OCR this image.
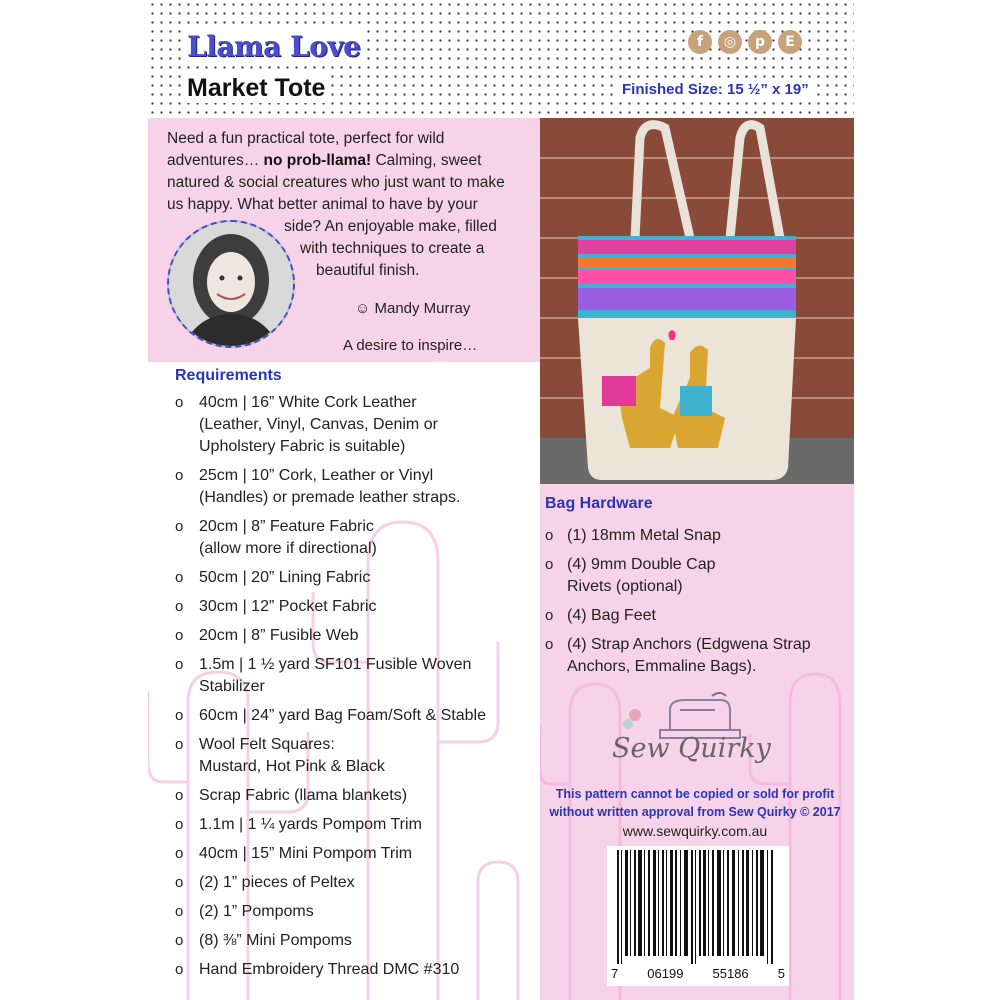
Llama Love
Market Tote
f	◎	p	E
Finished Size: 15 ½” x 19”
Need a fun practical tote, perfect for wild
adventures… no prob-llama! Calming, sweet
natured & social creatures who just want to make
us happy. What better animal to have by your
side? An enjoyable make, filled
with techniques to create a
beautiful finish.
☺ Mandy Murray
A desire to inspire…
Requirements
o 40cm | 16” White Cork Leather
(Leather, Vinyl, Canvas, Denim or
Upholstery Fabric is suitable)
o 25cm | 10” Cork, Leather or Vinyl
(Handles) or premade leather straps.
o 20cm | 8” Feature Fabric
(allow more if directional)
o 50cm | 20” Lining Fabric
o 30cm | 12” Pocket Fabric
o 20cm | 8” Fusible Web
o 1.5m | 1 ½ yard SF101 Fusible Woven
Stabilizer
o 60cm | 24” yard Bag Foam/Soft & Stable
o Wool Felt Squares:
Mustard, Hot Pink & Black
o Scrap Fabric (llama blankets)
o 1.1m | 1 ¼ yards Pompom Trim
o 40cm | 15” Mini Pompom Trim
o (2) 1” pieces of Peltex
o (2) 1” Pompoms
o (8) ⅜” Mini Pompoms
o Hand Embroidery Thread DMC #310
Bag Hardware
o (1) 18mm Metal Snap
o (4) 9mm Double Cap
Rivets (optional)
o (4) Bag Feet
o (4) Strap Anchors (Edgwena Strap
Anchors, Emmaline Bags).
Sew Quirky
This pattern cannot be copied or sold for profit
without written approval from Sew Quirky © 2017
www.sewquirky.com.au
7 06199 55186 5
